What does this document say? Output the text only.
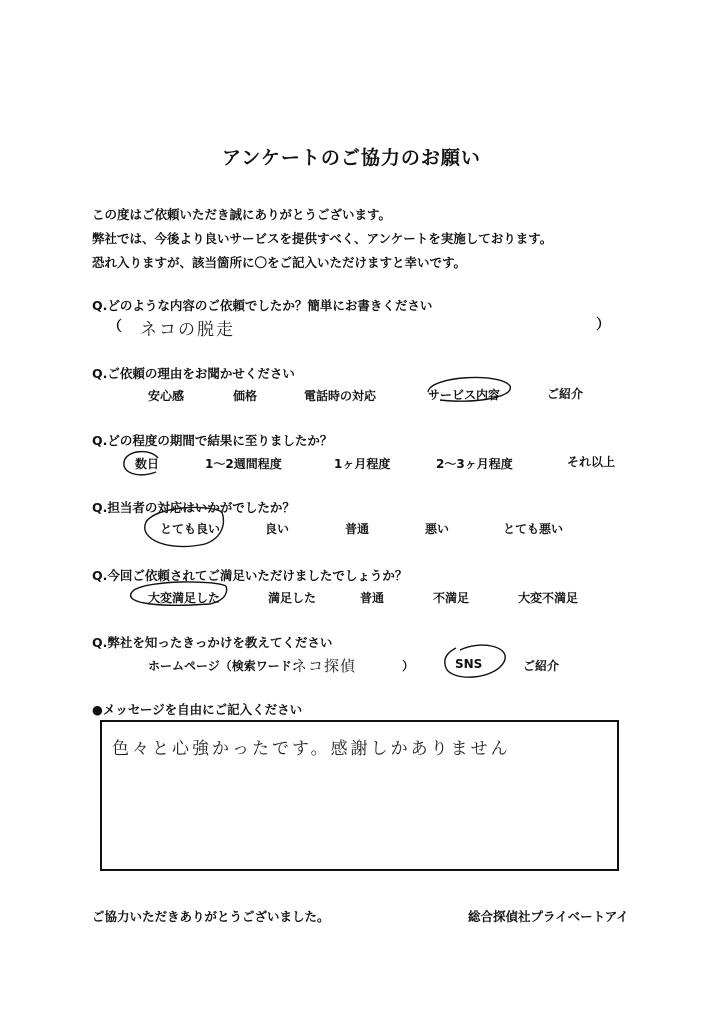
アンケートのご協力のお願い
この度はご依頼いただき誠にありがとうございます。
弊社では、今後より良いサービスを提供すべく、アンケートを実施しております。
恐れ入りますが、該当箇所に〇をご記入いただけますと幸いです。
Q.どのような内容のご依頼でしたか？簡単にお書きください
（ ネコの脱走	）
Q.ご依頼の理由をお聞かせください
安心感	価格	電話時の対応	サービス内容	ご紹介
Q.どの程度の期間で結果に至りましたか？
数日	1～2週間程度	1ヶ月程度	2～3ヶ月程度	それ以上
Q.担当者の対応はいかがでしたか？
とても良い	良い	普通	悪い	とても悪い
Q.今回ご依頼されてご満足いただけましたでしょうか？
大変満足した	満足した	普通	不満足	大変不満足
Q.弊社を知ったきっかけを教えてください
ホームページ（検索ワード：
ネコ探偵	）	SNS	ご紹介
●メッセージを自由にご記入ください
色々と心強かったです。感謝しかありません
ご協力いただきありがとうございました。	総合探偵社プライベートアイ
